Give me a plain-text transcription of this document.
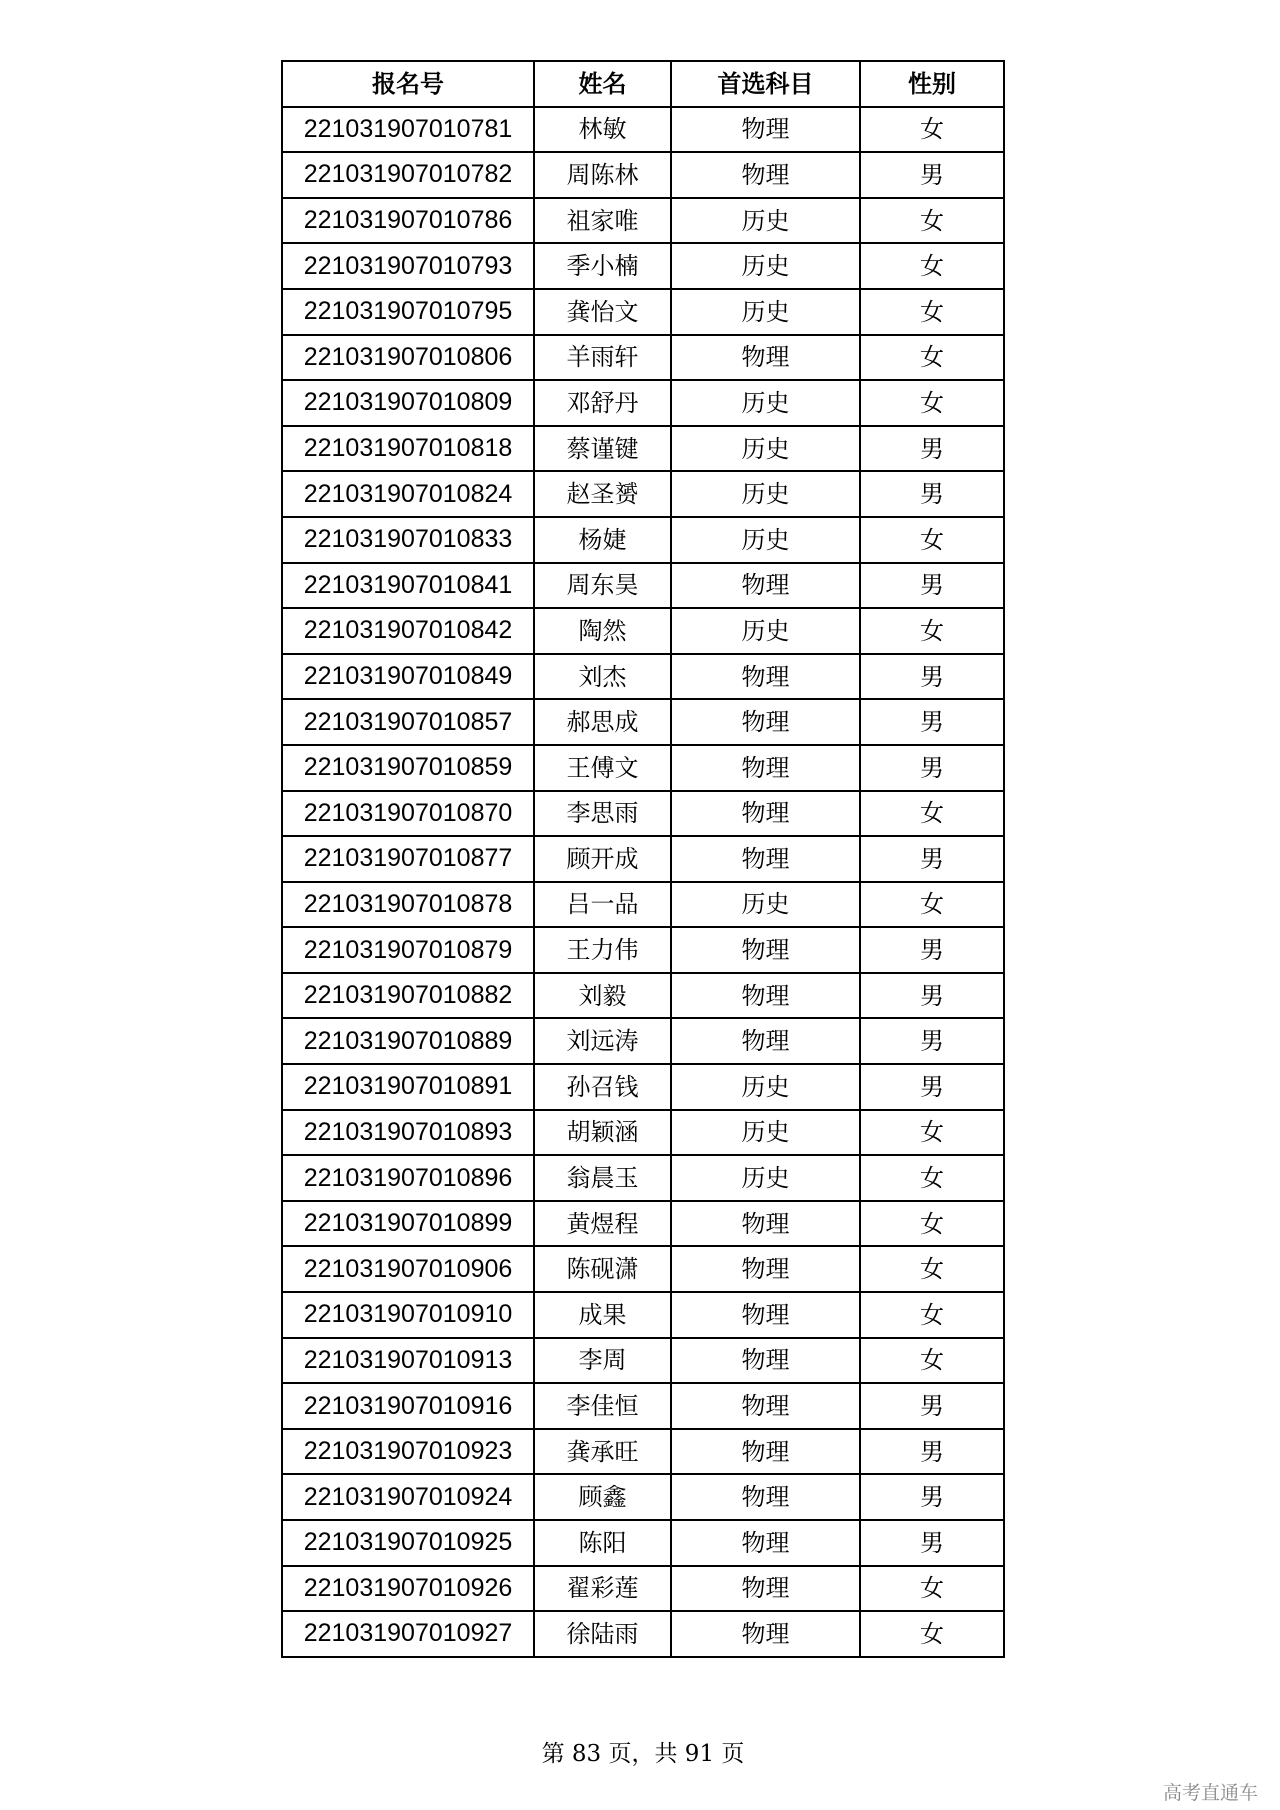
报名号	姓名	首选科目	性别
221031907010781	林敏	物理	女
221031907010782	周陈林	物理	男
221031907010786	祖家唯	历史	女
221031907010793	季小楠	历史	女
221031907010795	龚怡文	历史	女
221031907010806	羊雨轩	物理	女
221031907010809	邓舒丹	历史	女
221031907010818	蔡谨键	历史	男
221031907010824	赵圣赟	历史	男
221031907010833	杨婕	历史	女
221031907010841	周东昊	物理	男
221031907010842	陶然	历史	女
221031907010849	刘杰	物理	男
221031907010857	郝思成	物理	男
221031907010859	王傅文	物理	男
221031907010870	李思雨	物理	女
221031907010877	顾开成	物理	男
221031907010878	吕一品	历史	女
221031907010879	王力伟	物理	男
221031907010882	刘毅	物理	男
221031907010889	刘远涛	物理	男
221031907010891	孙召钱	历史	男
221031907010893	胡颖涵	历史	女
221031907010896	翁晨玉	历史	女
221031907010899	黄煜程	物理	女
221031907010906	陈砚潇	物理	女
221031907010910	成果	物理	女
221031907010913	李周	物理	女
221031907010916	李佳恒	物理	男
221031907010923	龚承旺	物理	男
221031907010924	顾鑫	物理	男
221031907010925	陈阳	物理	男
221031907010926	翟彩莲	物理	女
221031907010927	徐陆雨	物理	女
第 83 页，共 91 页
高考直通车
